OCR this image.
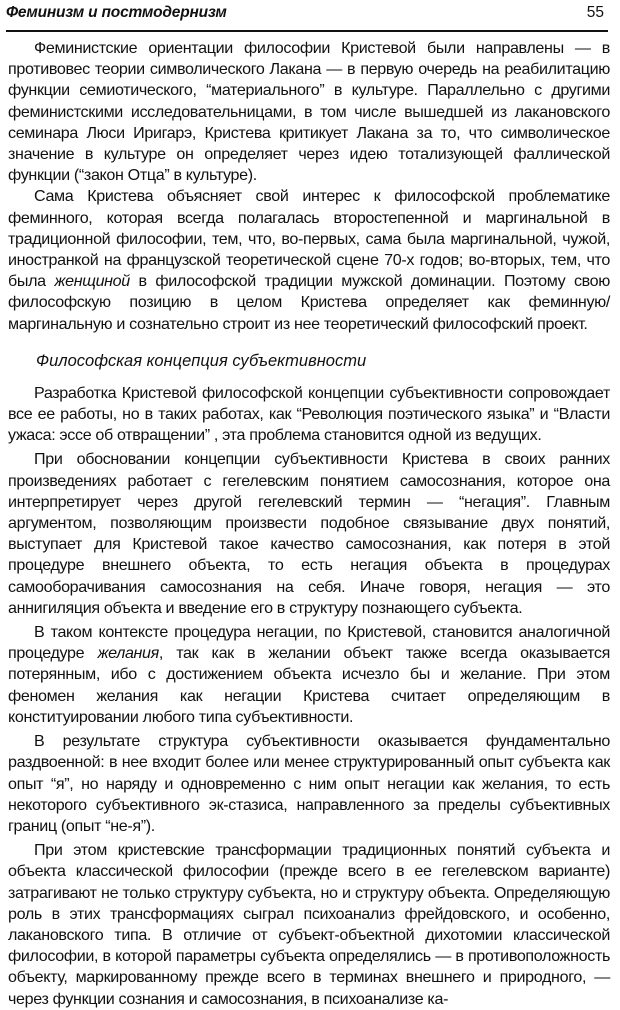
Феминизм и постмодернизм	55

Феминистские ориентации философии Кристевой были направлены — в противовес теории символического Лакана — в первую очередь на реабилитацию функции семиотического, “материального” в культуре. Параллельно с другими феминистскими исследовательницами, в том числе вышедшей из лакановского семинара Люси Иригарэ, Кристева критикует Лакана за то, что символическое значение в культуре он определяет через идею тотализующей фаллической функции (“закон Отца” в культуре).

Сама Кристева объясняет свой интерес к философской проблематике феминного, которая всегда полагалась второстепенной и маргинальной в традиционной философии, тем, что, во-первых, сама была маргинальной, чужой, иностранкой на французской теоретической сцене 70-х годов; во-вторых, тем, что была женщиной в философской традиции мужской доминации. Поэтому свою философскую позицию в целом Кристева определяет как феминную/маргинальную и сознательно строит из нее теоретический философский проект.

Философская концепция субъективности

Разработка Кристевой философской концепции субъективности сопровождает все ее работы, но в таких работах, как “Революция поэтического языка” и “Власти ужаса: эссе об отвращении” , эта проблема становится одной из ведущих.

При обосновании концепции субъективности Кристева в своих ранних произведениях работает с гегелевским понятием самосознания, которое она интерпретирует через другой гегелевский термин — “негация”. Главным аргументом, позволяющим произвести подобное связывание двух понятий, выступает для Кристевой такое качество самосознания, как потеря в этой процедуре внешнего объекта, то есть негация объекта в процедурах самооборачивания самосознания на себя. Иначе говоря, негация — это аннигиляция объекта и введение его в структуру познающего субъекта.

В таком контексте процедура негации, по Кристевой, становится аналогичной процедуре желания, так как в желании объект также всегда оказывается потерянным, ибо с достижением объекта исчезло бы и желание. При этом феномен желания как негации Кристева считает определяющим в конституировании любого типа субъективности.

В результате структура субъективности оказывается фундаментально раздвоенной: в нее входит более или менее структурированный опыт субъекта как опыт “я”, но наряду и одновременно с ним опыт негации как желания, то есть некоторого субъективного эк-стазиса, направленного за пределы субъективных границ (опыт “не-я”).

При этом кристевские трансформации традиционных понятий субъекта и объекта классической философии (прежде всего в ее гегелевском варианте) затрагивают не только структуру субъекта, но и структуру объекта. Определяющую роль в этих трансформациях сыграл психоанализ фрейдовского, и особенно, лакановского типа. В отличие от субъект-объектной дихотомии классической философии, в которой параметры субъекта определялись — в противоположность объекту, маркированному прежде всего в терминах внешнего и природного, — через функции сознания и самосознания, в психоанализе ка-
